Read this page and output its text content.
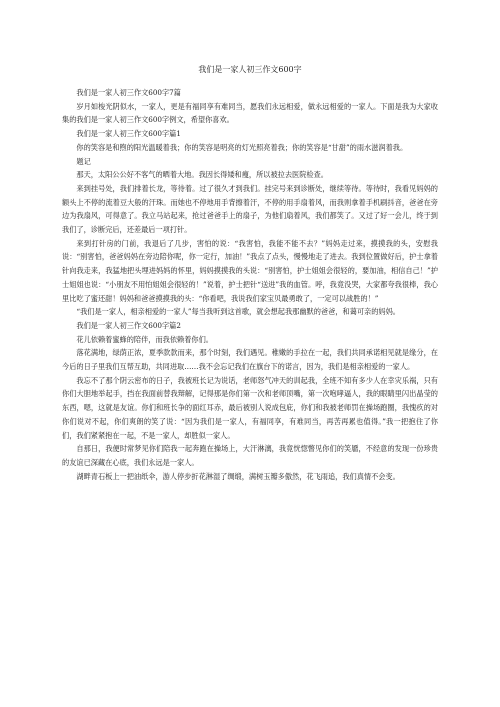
我们是一家人初三作文600字

我们是一家人初三作文600字7篇

岁月如梭光阴似水，一家人，更是有福同享有难同当，愿我们永远相爱，做永远相爱的一家人。下面是我为大家收集的我们是一家人初三作文600字例文，希望你喜欢。

我们是一家人初三作文600字篇1

你的笑容是和煦的阳光温暖着我；你的笑容是明亮的灯光照亮着我；你的笑容是“甘甜”的雨水滋润着我。

题记

那天，太阳公公好不客气的晒着大地。我因长得矮和瘦，所以被拉去医院检查。

来到挂号处，我们排着长龙，等待着。过了很久才到我们。挂完号来到诊断处，继续等待。等待时，我看见妈妈的额头上不停的流着豆大般的汗珠。而她也不停地用手背擦着汗，不停的用手扇着风，而我则拿着手机刷抖音，爸爸在旁边为我扇风，可得意了。我立马站起来，抢过爸爸手上的扇子，为他们扇着风，我们都笑了。又过了好一会儿，终于到我们了，诊断完后，还差最后一项打针。

来到打针房的门前，我退后了几步，害怕的说：“我害怕，我能不能不去？”妈妈走过来，摸摸我的头，安慰我说：“别害怕，爸爸妈妈在旁边陪你呢，你一定行，加油！”我点了点头，慢慢地走了进去。我到位置做好后，护士拿着针向我走来，我猛地把头埋进妈妈的怀里，妈妈摸摸我的头说：“别害怕，护士姐姐会很轻的，要加油，相信自己！”护士姐姐也说：“小朋友不用怕姐姐会很轻的！”说着，护士把针“送进”我的血管。呼，我竟没哭，大家都夸我很棒，我心里比吃了蜜还甜！妈妈和爸爸摸摸我的头：“你看吧，我说我们家宝贝最勇敢了，一定可以战胜的！”

“我们是一家人，相亲相爱的一家人”每当我听到这首歌，就会想起我那幽默的爸爸，和蔼可亲的妈妈。

我们是一家人初三作文600字篇2

花儿依赖着蜜蜂的陪伴，而我依赖着你们。

落花满地，绿荫正浓，夏季款款而来，那个时刻，我们遇见。稚嫩的手拉在一起，我们共同承诺相见就是缘分，在今后的日子里我们互帮互助，共同进取……我不会忘记我们在旗台下的诺言，因为，我们是相亲相爱的一家人。

我忘不了那个阴云密布的日子，我被班长记为说话，老师怒气冲天的训起我，全班不知有多少人在幸灾乐祸，只有你们大胆地举起手，挡在我面前替我辩解，记得那是你们第一次和老师顶嘴，第一次咆哮逼人，我的眼睛里闪出晶莹的东西，嗯，这就是友谊。你们和班长争的面红耳赤，最后被别人说成包庇，你们和我被老师罚在操场跑圈，我愧疚的对你们说对不起，你们爽朗的笑了说：“因为我们是一家人，有福同享，有难同当，再苦再累也值得。”我一把抱住了你们，我们紧紧抱在一起，不是一家人，却胜似一家人。

自那日，我便时常梦见你们陪我一起奔跑在操场上，大汗淋漓，我竟恍惚瞥见你们的笑靥，不经意的发现一份珍贵的友谊已深藏在心底，我们永远是一家人。

湖畔青石板上一把油纸伞，游人停步折花淋湿了绸缎，满树玉瓣多傲然，花飞雨追，我们真情不会变。
